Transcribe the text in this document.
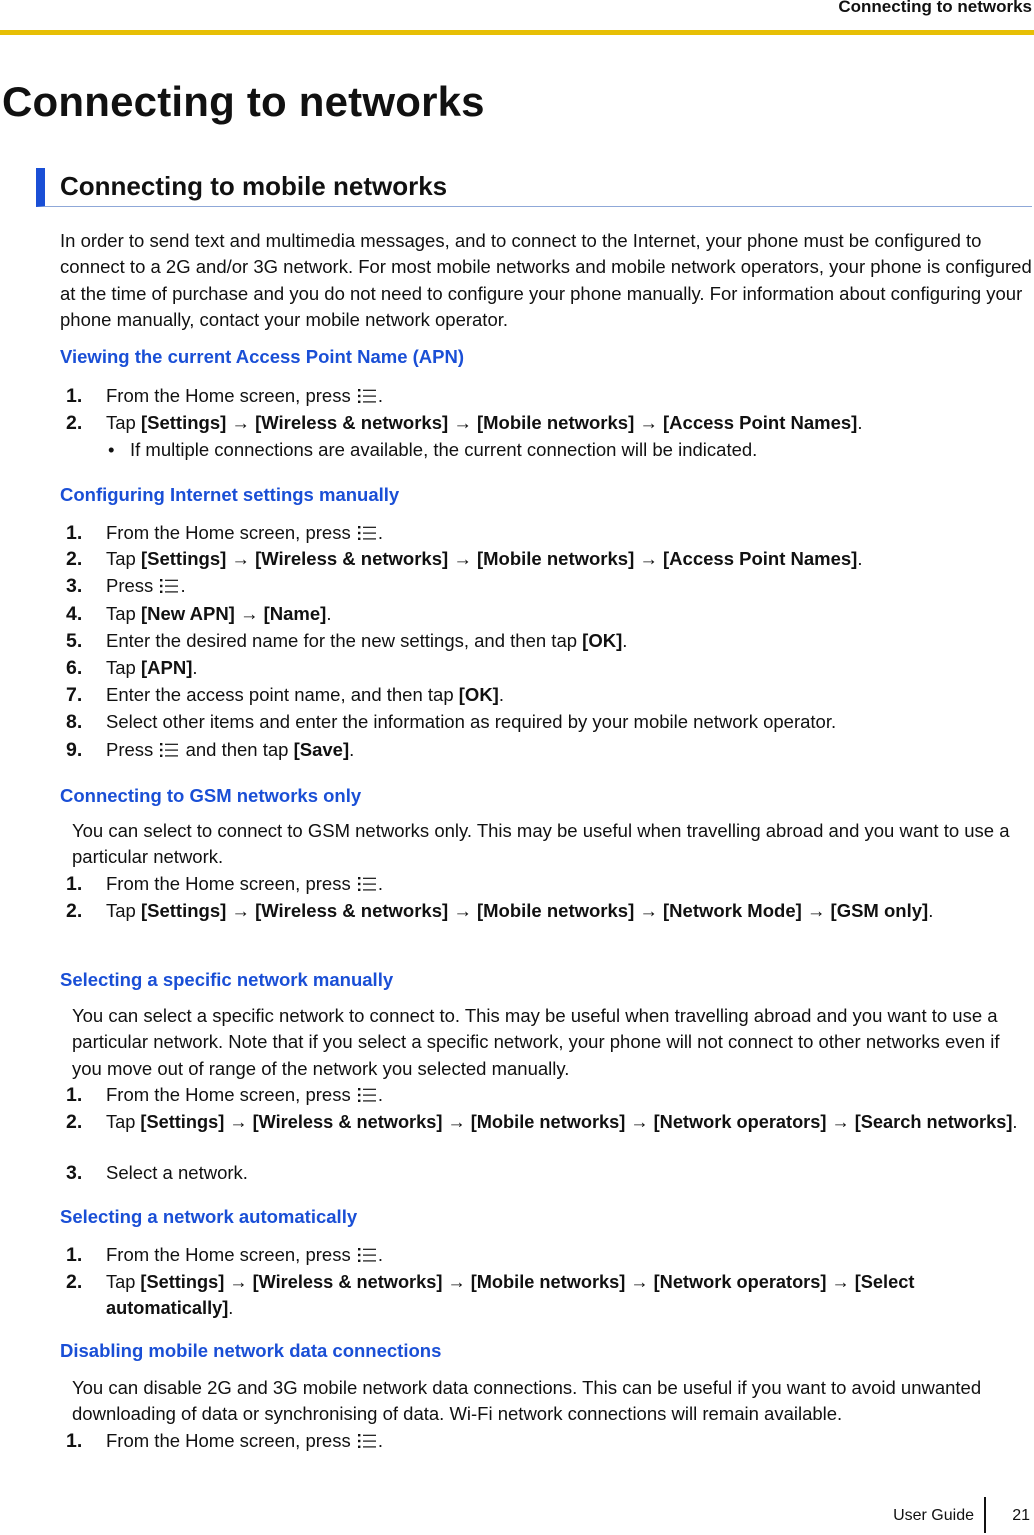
Connecting to networks
Connecting to networks
Connecting to mobile networks

In order to send text and multimedia messages, and to connect to the Internet, your phone must be configured to connect to a 2G and/or 3G network. For most mobile networks and mobile network operators, your phone is configured at the time of purchase and you do not need to configure your phone manually. For information about configuring your phone manually, contact your mobile network operator.

Viewing the current Access Point Name (APN)
1. From the Home screen, press .
2. Tap [Settings] → [Wireless & networks] → [Mobile networks] → [Access Point Names].
• If multiple connections are available, the current connection will be indicated.
Configuring Internet settings manually
1. From the Home screen, press .
2. Tap [Settings] → [Wireless & networks] → [Mobile networks] → [Access Point Names].
3. Press .
4. Tap [New APN] → [Name].
5. Enter the desired name for the new settings, and then tap [OK].
6. Tap [APN].
7. Enter the access point name, and then tap [OK].
8. Select other items and enter the information as required by your mobile network operator.
9. Press  and then tap [Save].
Connecting to GSM networks only

You can select to connect to GSM networks only. This may be useful when travelling abroad and you want to use a particular network.

1. From the Home screen, press .
2. Tap [Settings] → [Wireless & networks] → [Mobile networks] → [Network Mode] → [GSM only].
Selecting a specific network manually

You can select a specific network to connect to. This may be useful when travelling abroad and you want to use a particular network. Note that if you select a specific network, your phone will not connect to other networks even if you move out of range of the network you selected manually.

1. From the Home screen, press .
2. Tap [Settings] → [Wireless & networks] → [Mobile networks] → [Network operators] → [Search networks].
3. Select a network.
Selecting a network automatically
1. From the Home screen, press .
2. Tap [Settings] → [Wireless & networks] → [Mobile networks] → [Network operators] → [Select automatically].
Disabling mobile network data connections

You can disable 2G and 3G mobile network data connections. This can be useful if you want to avoid unwanted downloading of data or synchronising of data. Wi-Fi network connections will remain available.

1. From the Home screen, press .
User Guide 21
